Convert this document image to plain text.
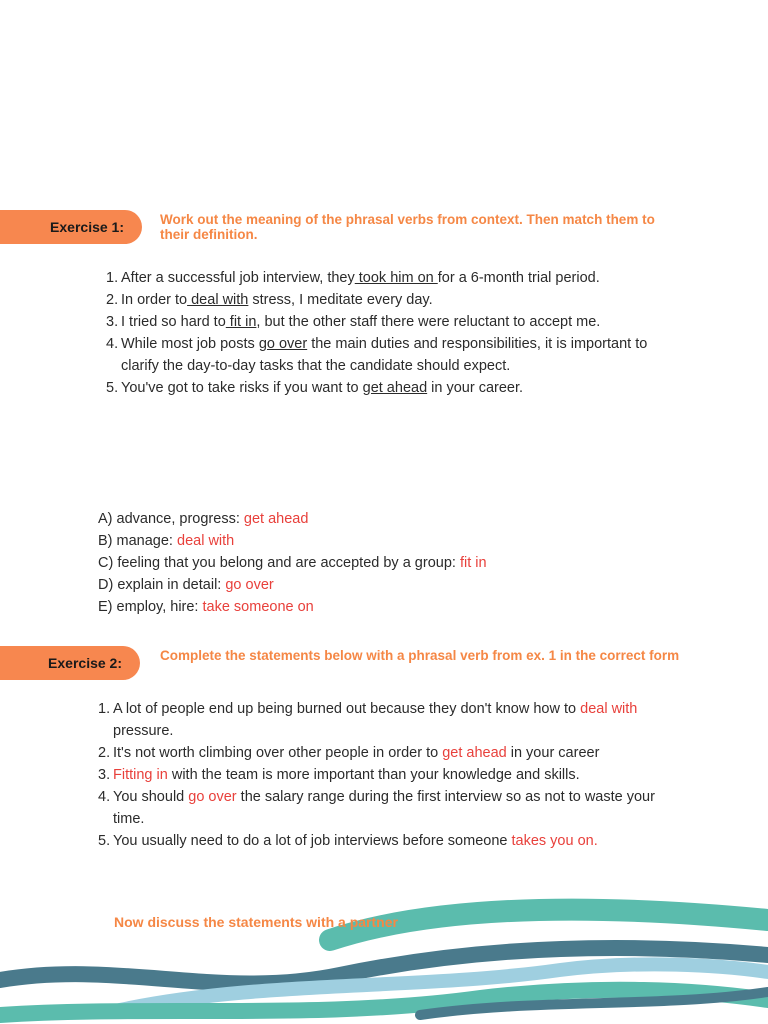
Exercise 1:	Work out the meaning of the phrasal verbs from context. Then match them to their definition.
1. After a successful job interview, they took him on for a 6-month trial period.
2. In order to deal with stress, I meditate every day.
3. I tried so hard to fit in, but the other staff there were reluctant to accept me.
4. While most job posts go over the main duties and responsibilities, it is important to clarify the day-to-day tasks that the candidate should expect.
5. You've got to take risks if you want to get ahead in your career.
A) advance, progress: get ahead
B) manage: deal with
C) feeling that you belong and are accepted by a group: fit in
D) explain in detail: go over
E) employ, hire: take someone on
Exercise 2:	Complete the statements below with a phrasal verb from ex. 1 in the correct form
1. A lot of people end up being burned out because they don't know how to deal with pressure.
2. It's not worth climbing over other people in order to get ahead in your career
3. Fitting in with the team is more important than your knowledge and skills.
4. You should go over the salary range during the first interview so as not to waste your time.
5. You usually need to do a lot of job interviews before someone takes you on.
Now discuss the statements with a partner
